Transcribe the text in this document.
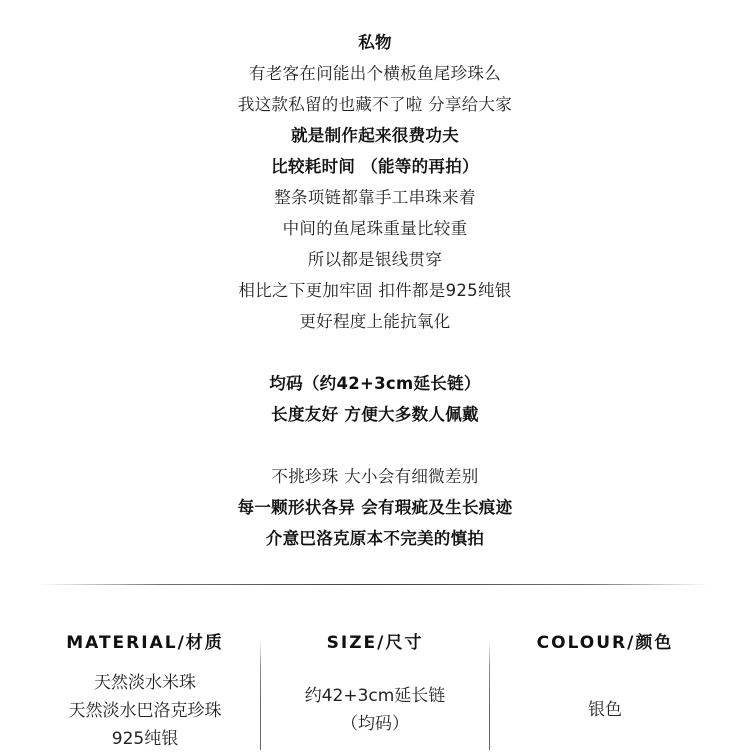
私物
有老客在问能出个横板鱼尾珍珠么
我这款私留的也藏不了啦 分享给大家
就是制作起来很费功夫
比较耗时间 （能等的再拍）
整条项链都靠手工串珠来着
中间的鱼尾珠重量比较重
所以都是银线贯穿
相比之下更加牢固 扣件都是925纯银
更好程度上能抗氧化
均码（约42+3cm延长链）
长度友好 方便大多数人佩戴
不挑珍珠 大小会有细微差别
每一颗形状各异 会有瑕疵及生长痕迹
介意巴洛克原本不完美的慎拍
MATERIAL/材质
天然淡水米珠
天然淡水巴洛克珍珠
925纯银
SIZE/尺寸
约42+3cm延长链
（均码）
COLOUR/颜色
银色
